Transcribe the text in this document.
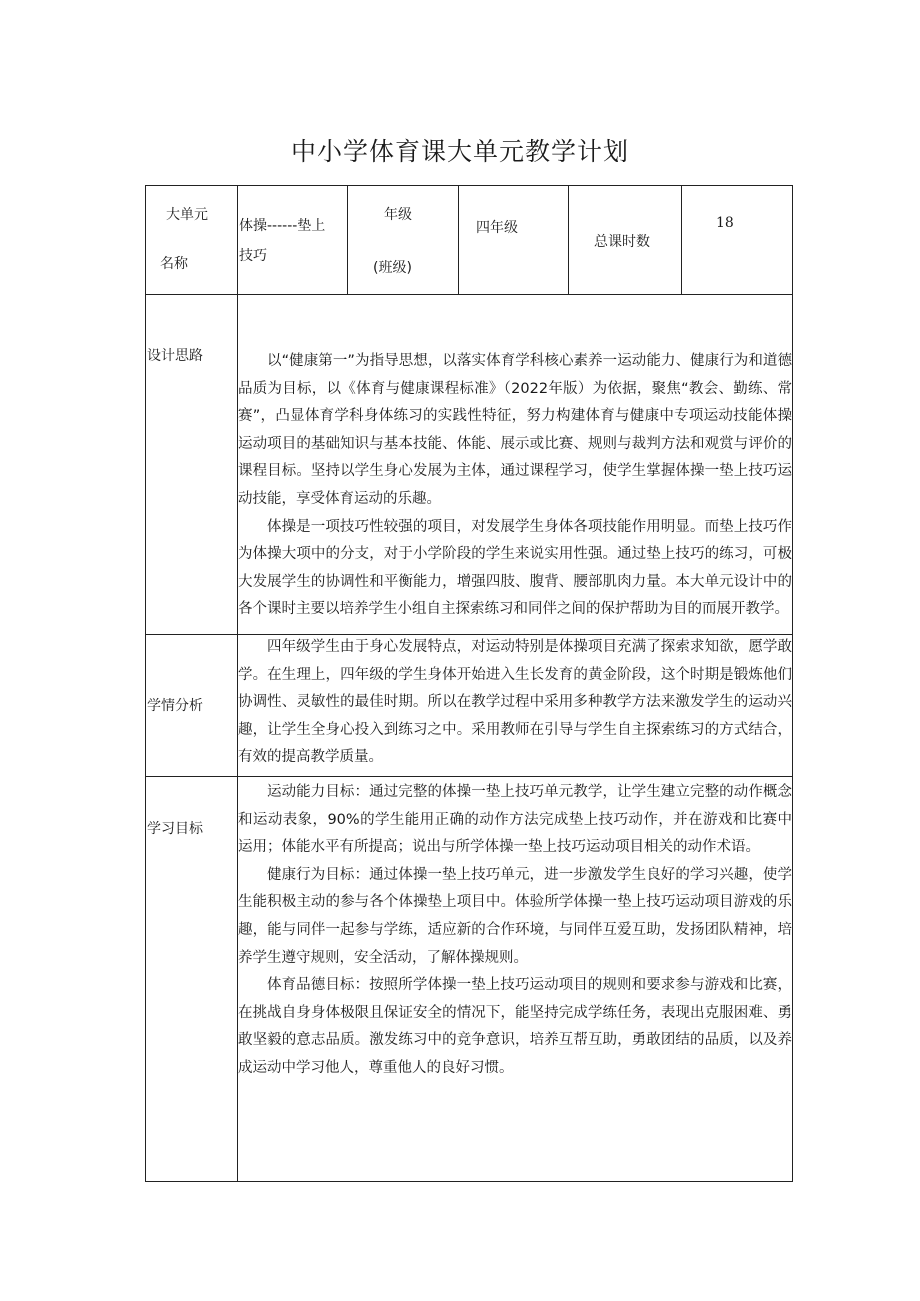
中小学体育课大单元教学计划
大单元
名称
体操------垫上
技巧
年级
(班级)
四年级
总课时数
18
设计思路	以“健康第一”为指导思想，以落实体育学科核心素养一运动能力、健康行为和道德品质为目标，以《体育与健康课程标准》（2022年版）为依据，聚焦“教会、勤练、常赛”，凸显体育学科身体练习的实践性特征，努力构建体育与健康中专项运动技能体操运动项目的基础知识与基本技能、体能、展示或比赛、规则与裁判方法和观赏与评价的课程目标。坚持以学生身心发展为主体，通过课程学习，使学生掌握体操一垫上技巧运动技能，享受体育运动的乐趣。

体操是一项技巧性较强的项目，对发展学生身体各项技能作用明显。而垫上技巧作为体操大项中的分支，对于小学阶段的学生来说实用性强。通过垫上技巧的练习，可极大发展学生的协调性和平衡能力，增强四肢、腹背、腰部肌肉力量。本大单元设计中的各个课时主要以培养学生小组自主探索练习和同伴之间的保护帮助为目的而展开教学。

学情分析

四年级学生由于身心发展特点，对运动特别是体操项目充满了探索求知欲，愿学敢学。在生理上，四年级的学生身体开始进入生长发育的黄金阶段，这个时期是锻炼他们协调性、灵敏性的最佳时期。所以在教学过程中采用多种教学方法来激发学生的运动兴趣，让学生全身心投入到练习之中。采用教师在引导与学生自主探索练习的方式结合，有效的提高教学质量。

学习目标

运动能力目标：通过完整的体操一垫上技巧单元教学，让学生建立完整的动作概念和运动表象，90%的学生能用正确的动作方法完成垫上技巧动作，并在游戏和比赛中运用；体能水平有所提高；说出与所学体操一垫上技巧运动项目相关的动作术语。

健康行为目标：通过体操一垫上技巧单元，进一步激发学生良好的学习兴趣，使学生能积极主动的参与各个体操垫上项目中。体验所学体操一垫上技巧运动项目游戏的乐趣，能与同伴一起参与学练，适应新的合作环境，与同伴互爱互助，发扬团队精神，培养学生遵守规则，安全活动，了解体操规则。

体育品德目标：按照所学体操一垫上技巧运动项目的规则和要求参与游戏和比赛，在挑战自身身体极限且保证安全的情况下，能坚持完成学练任务，表现出克服困难、勇敢坚毅的意志品质。激发练习中的竞争意识，培养互帮互助，勇敢团结的品质，以及养成运动中学习他人，尊重他人的良好习惯。
